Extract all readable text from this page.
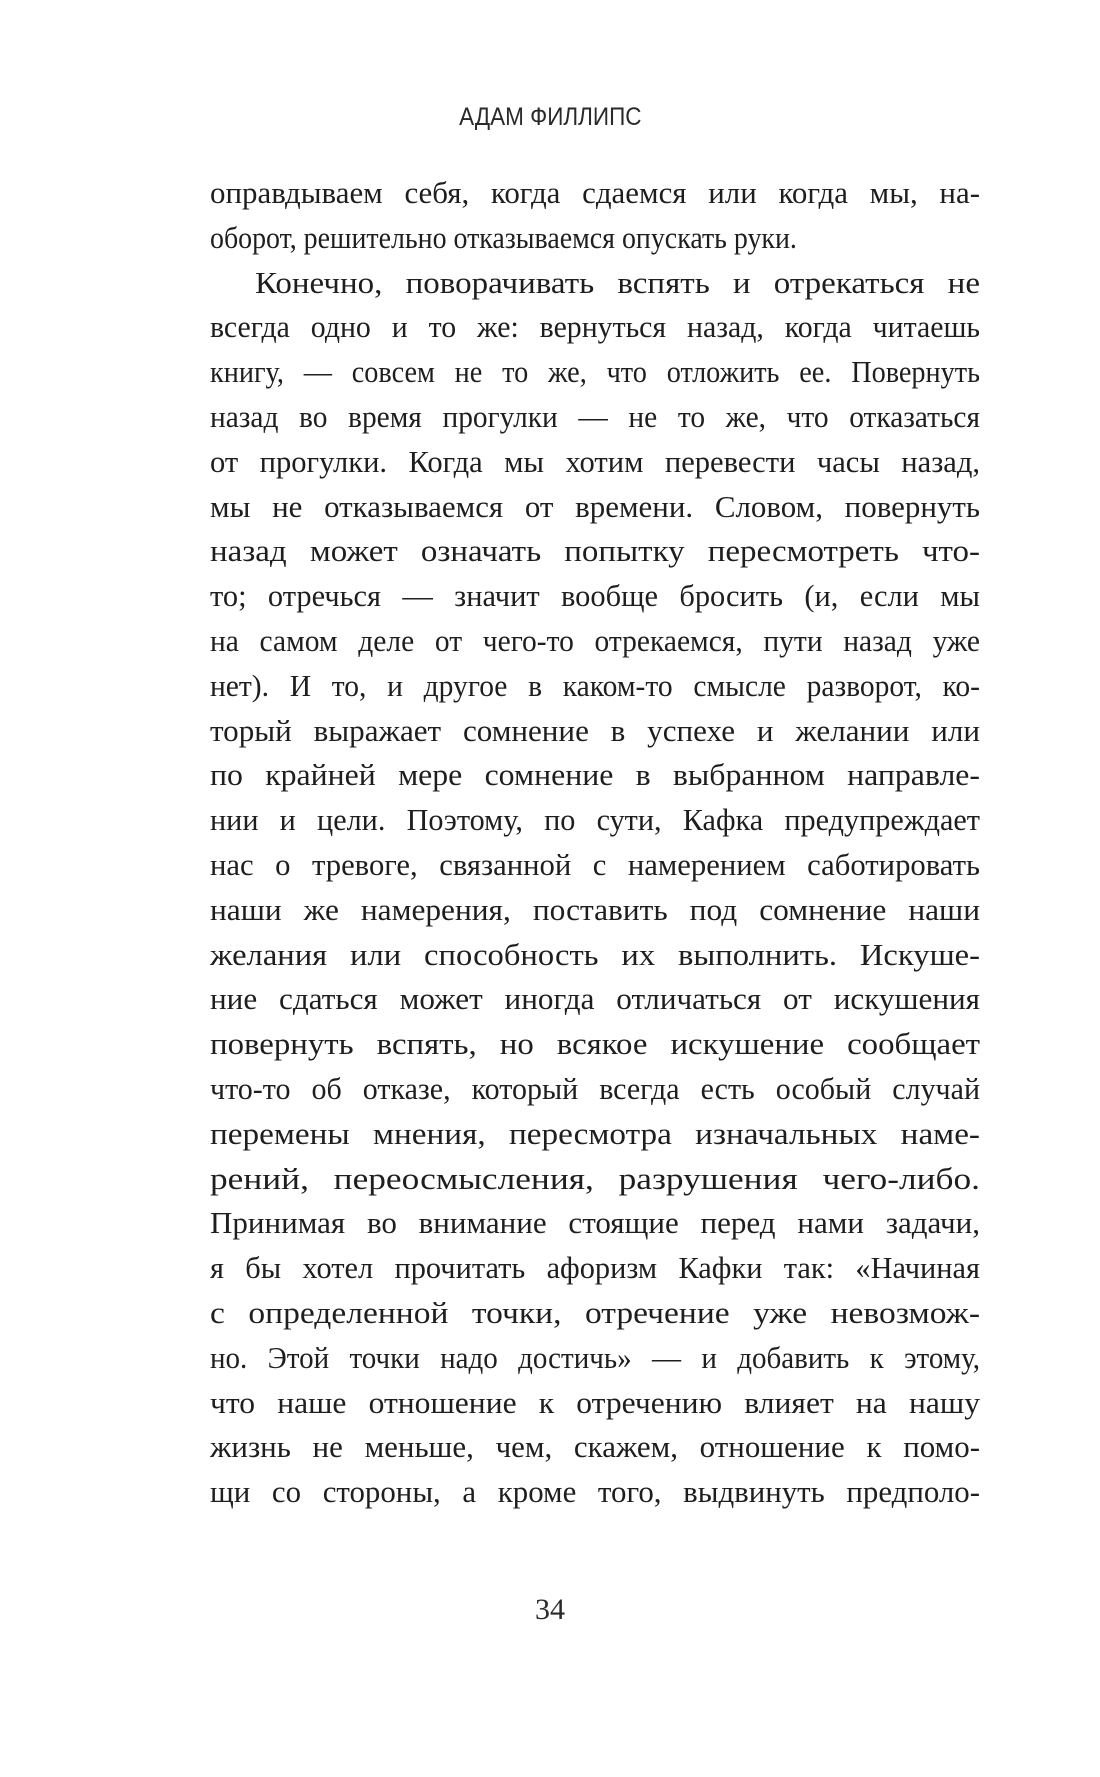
АДАМ ФИЛЛИПС
оправдываем себя, когда сдаемся или когда мы, на-
оборот, решительно отказываемся опускать руки.
Конечно, поворачивать вспять и отрекаться не
всегда одно и то же: вернуться назад, когда читаешь
книгу, — совсем не то же, что отложить ее. Повернуть
назад во время прогулки — не то же, что отказаться
от прогулки. Когда мы хотим перевести часы назад,
мы не отказываемся от времени. Словом, повернуть
назад может означать попытку пересмотреть что-
то; отречься — значит вообще бросить (и, если мы
на самом деле от чего-то отрекаемся, пути назад уже
нет). И то, и другое в каком-то смысле разворот, ко-
торый выражает сомнение в успехе и желании или
по крайней мере сомнение в выбранном направле-
нии и цели. Поэтому, по сути, Кафка предупреждает
нас о тревоге, связанной с намерением саботировать
наши же намерения, поставить под сомнение наши
желания или способность их выполнить. Искуше-
ние сдаться может иногда отличаться от искушения
повернуть вспять, но всякое искушение сообщает
что-то об отказе, который всегда есть особый случай
перемены мнения, пересмотра изначальных наме-
рений, переосмысления, разрушения чего-либо.
Принимая во внимание стоящие перед нами задачи,
я бы хотел прочитать афоризм Кафки так: «Начиная
с определенной точки, отречение уже невозмож-
но. Этой точки надо достичь» — и добавить к этому,
что наше отношение к отречению влияет на нашу
жизнь не меньше, чем, скажем, отношение к помо-
щи со стороны, а кроме того, выдвинуть предполо-
34
